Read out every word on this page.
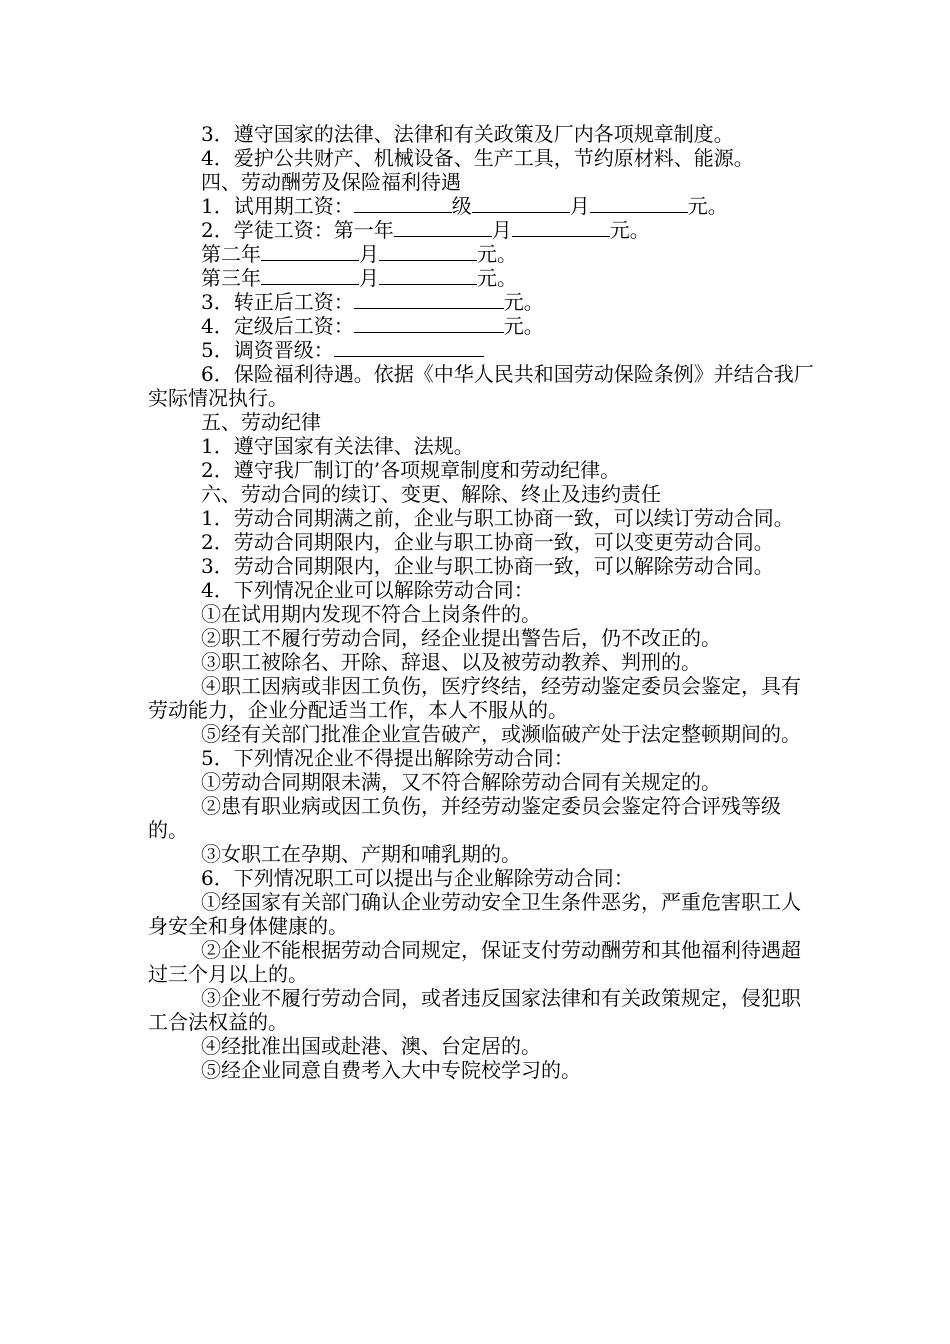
3．遵守国家的法律、法律和有关政策及厂内各项规章制度。
4．爱护公共财产、机械设备、生产工具，节约原材料、能源。
四、劳动酬劳及保险福利待遇
1．试用期工资：	级	月	元。
2．学徒工资：第一年	月	元。
第二年	月	元。
第三年	月	元。
3．转正后工资：	元。
4．定级后工资：	元。
5．调资晋级：
6．保险福利待遇。依据《中华人民共和国劳动保险条例》并结合我厂实际情况执行。
五、劳动纪律
1．遵守国家有关法律、法规。
2．遵守我厂制订的’各项规章制度和劳动纪律。
六、劳动合同的续订、变更、解除、终止及违约责任
1．劳动合同期满之前，企业与职工协商一致，可以续订劳动合同。
2．劳动合同期限内，企业与职工协商一致，可以变更劳动合同。
3．劳动合同期限内，企业与职工协商一致，可以解除劳动合同。
4．下列情况企业可以解除劳动合同：
①在试用期内发现不符合上岗条件的。
②职工不履行劳动合同，经企业提出警告后，仍不改正的。
③职工被除名、开除、辞退、以及被劳动教养、判刑的。
④职工因病或非因工负伤，医疗终结，经劳动鉴定委员会鉴定，具有劳动能力，企业分配适当工作，本人不服从的。
⑤经有关部门批准企业宣告破产，或濒临破产处于法定整顿期间的。
5．下列情况企业不得提出解除劳动合同：
①劳动合同期限未满，又不符合解除劳动合同有关规定的。
②患有职业病或因工负伤，并经劳动鉴定委员会鉴定符合评残等级的。
③女职工在孕期、产期和哺乳期的。
6．下列情况职工可以提出与企业解除劳动合同：
①经国家有关部门确认企业劳动安全卫生条件恶劣，严重危害职工人身安全和身体健康的。
②企业不能根据劳动合同规定，保证支付劳动酬劳和其他福利待遇超过三个月以上的。
③企业不履行劳动合同，或者违反国家法律和有关政策规定，侵犯职工合法权益的。
④经批准出国或赴港、澳、台定居的。
⑤经企业同意自费考入大中专院校学习的。
